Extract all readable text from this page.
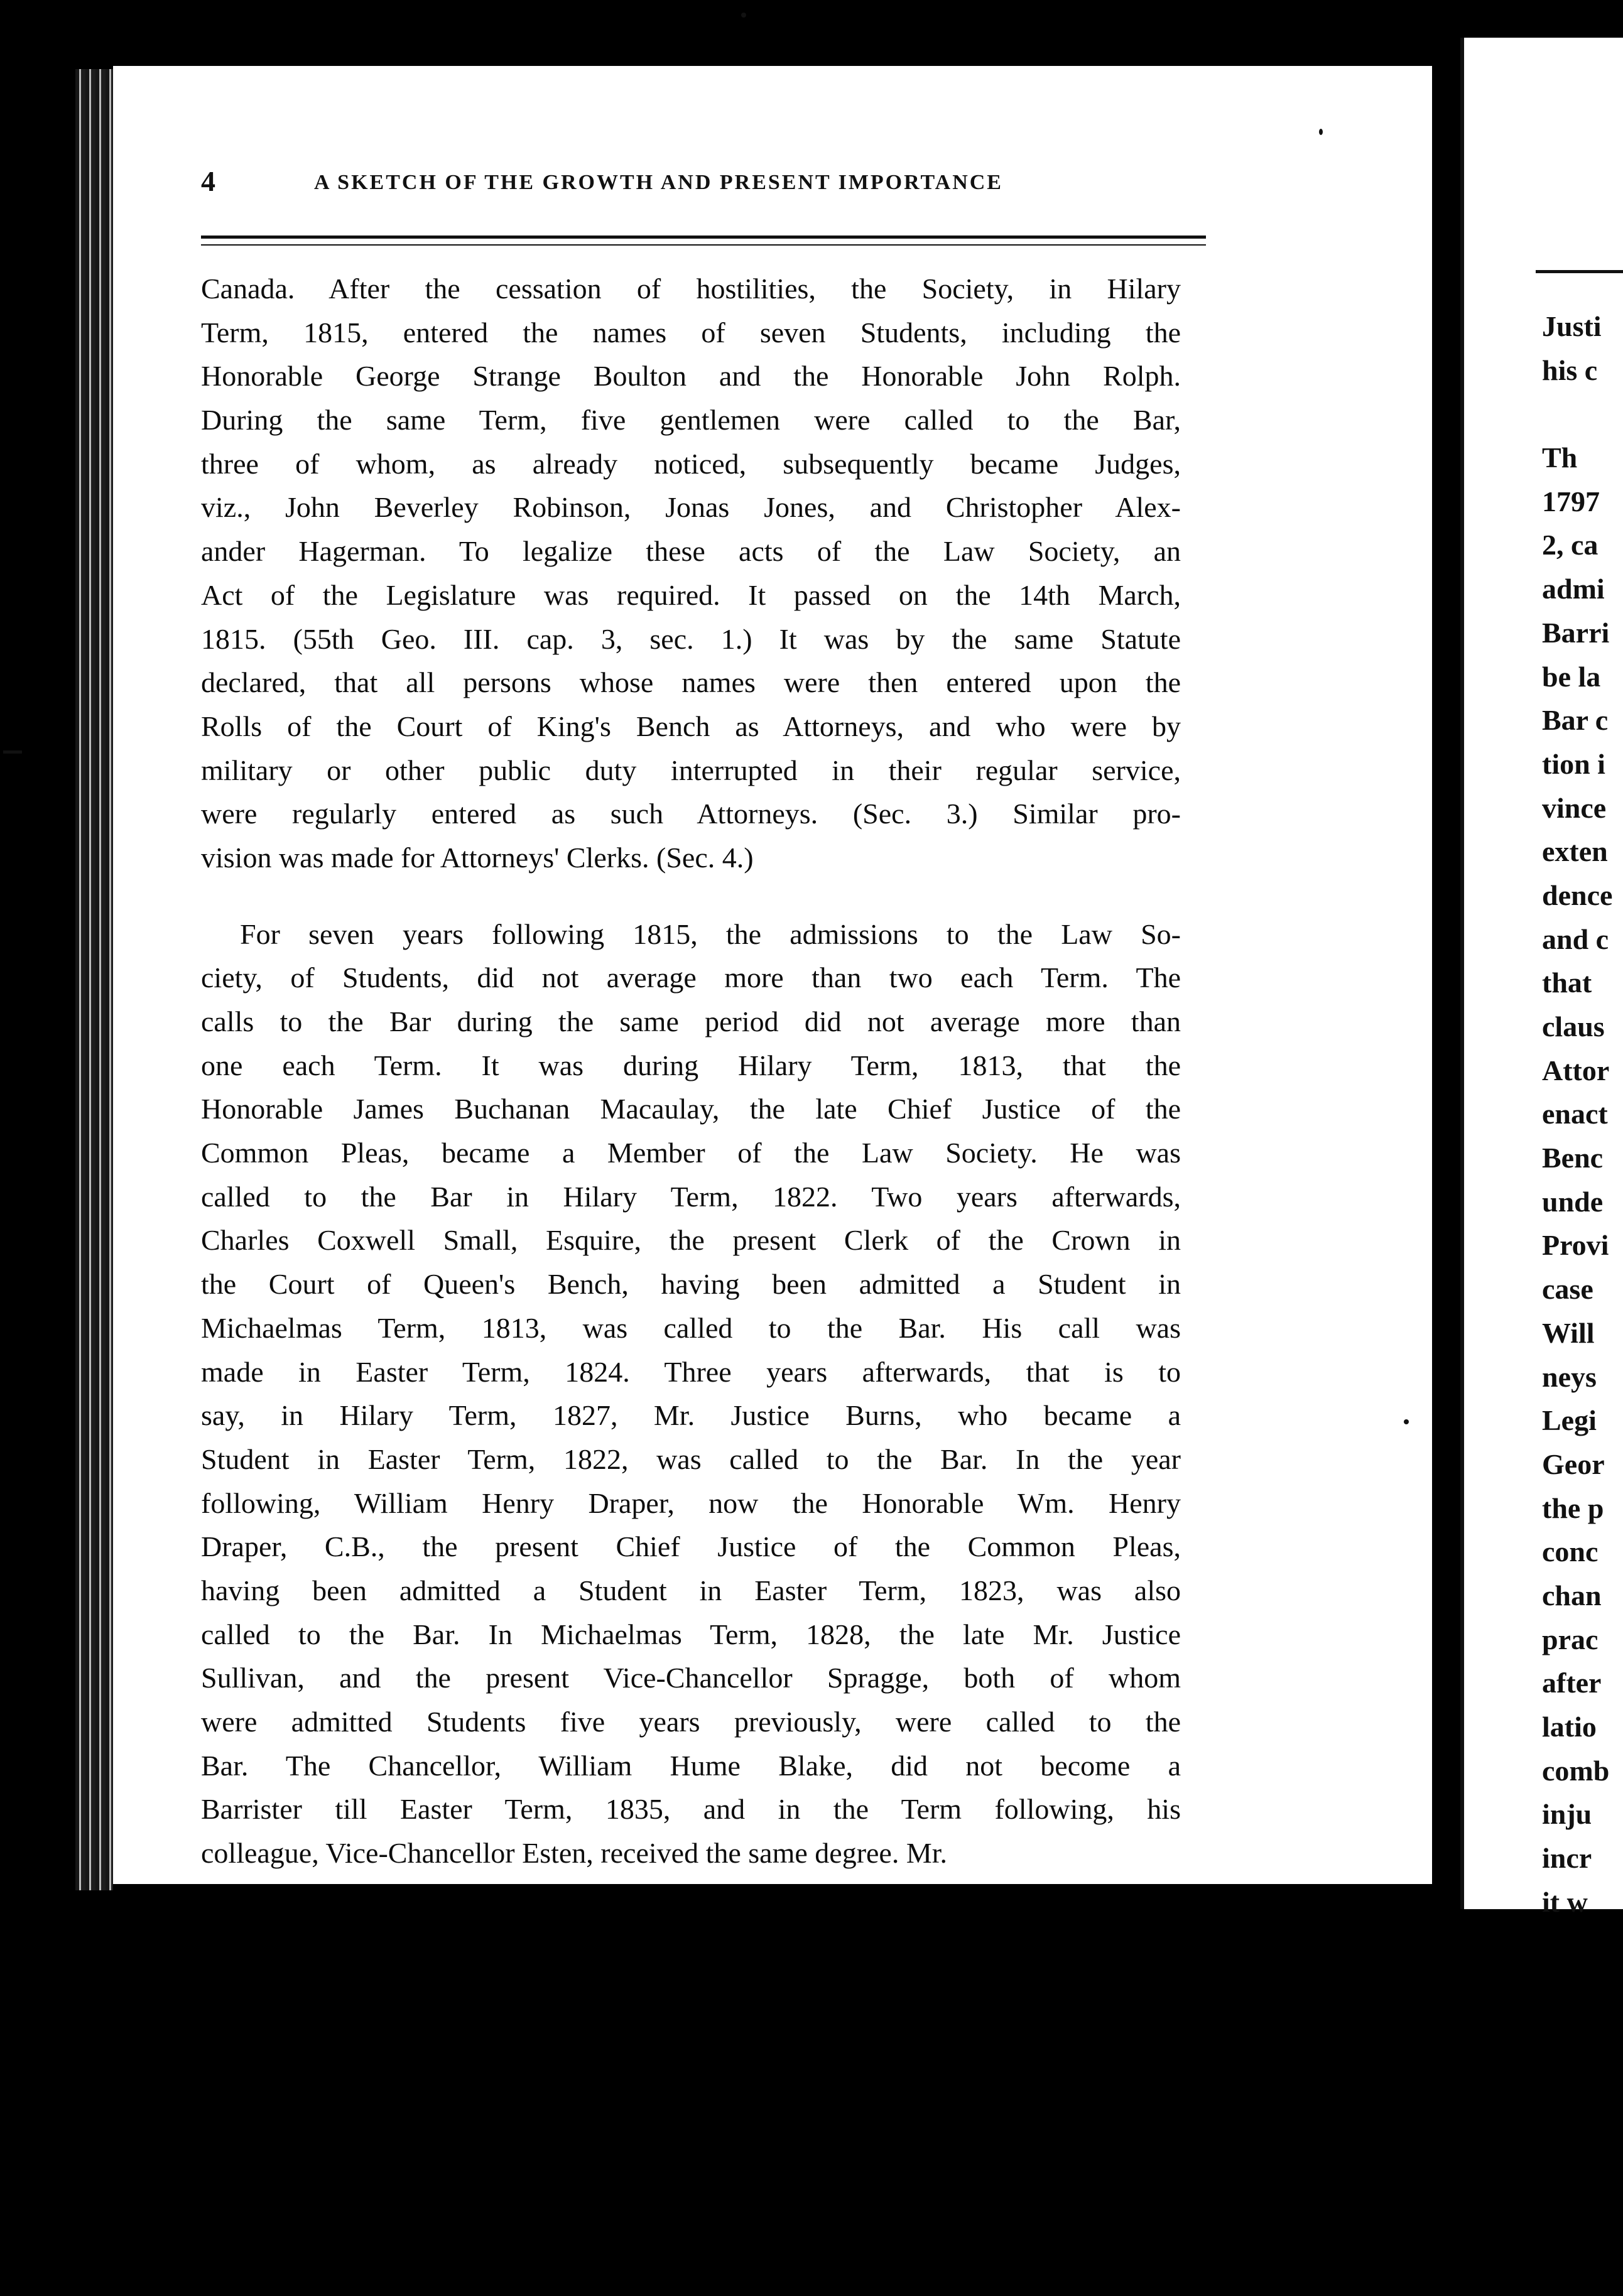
4	A SKETCH OF THE GROWTH AND PRESENT IMPORTANCE
Canada. After the cessation of hostilities, the Society, in Hilary
Term, 1815, entered the names of seven Students, including the
Honorable George Strange Boulton and the Honorable John Rolph.
During the same Term, five gentlemen were called to the Bar,
three of whom, as already noticed, subsequently became Judges,
viz., John Beverley Robinson, Jonas Jones, and Christopher Alex-
ander Hagerman. To legalize these acts of the Law Society, an
Act of the Legislature was required. It passed on the 14th March,
1815. (55th Geo. III. cap. 3, sec. 1.) It was by the same Statute
declared, that all persons whose names were then entered upon the
Rolls of the Court of King's Bench as Attorneys, and who were by
military or other public duty interrupted in their regular service,
were regularly entered as such Attorneys. (Sec. 3.) Similar pro-
vision was made for Attorneys' Clerks. (Sec. 4.)
For seven years following 1815, the admissions to the Law So-
ciety, of Students, did not average more than two each Term. The
calls to the Bar during the same period did not average more than
one each Term. It was during Hilary Term, 1813, that the
Honorable James Buchanan Macaulay, the late Chief Justice of the
Common Pleas, became a Member of the Law Society. He was
called to the Bar in Hilary Term, 1822. Two years afterwards,
Charles Coxwell Small, Esquire, the present Clerk of the Crown in
the Court of Queen's Bench, having been admitted a Student in
Michaelmas Term, 1813, was called to the Bar. His call was
made in Easter Term, 1824. Three years afterwards, that is to
say, in Hilary Term, 1827, Mr. Justice Burns, who became a
Student in Easter Term, 1822, was called to the Bar. In the year
following, William Henry Draper, now the Honorable Wm. Henry
Draper, C.B., the present Chief Justice of the Common Pleas,
having been admitted a Student in Easter Term, 1823, was also
called to the Bar. In Michaelmas Term, 1828, the late Mr. Justice
Sullivan, and the present Vice-Chancellor Spragge, both of whom
were admitted Students five years previously, were called to the
Bar. The Chancellor, William Hume Blake, did not become a
Barrister till Easter Term, 1835, and in the Term following, his
colleague, Vice-Chancellor Esten, received the same degree. Mr.
Justi
his c
Th
1797
2, ca
admi
Barri
be la
Bar c
tion i
vince
exten
dence
and c
that
claus
Attor
enact
Benc
unde
Provi
case
Will
neys
Legi
Geor
the p
conc
chan
prac
after
latio
comb
inju
incr
it w
